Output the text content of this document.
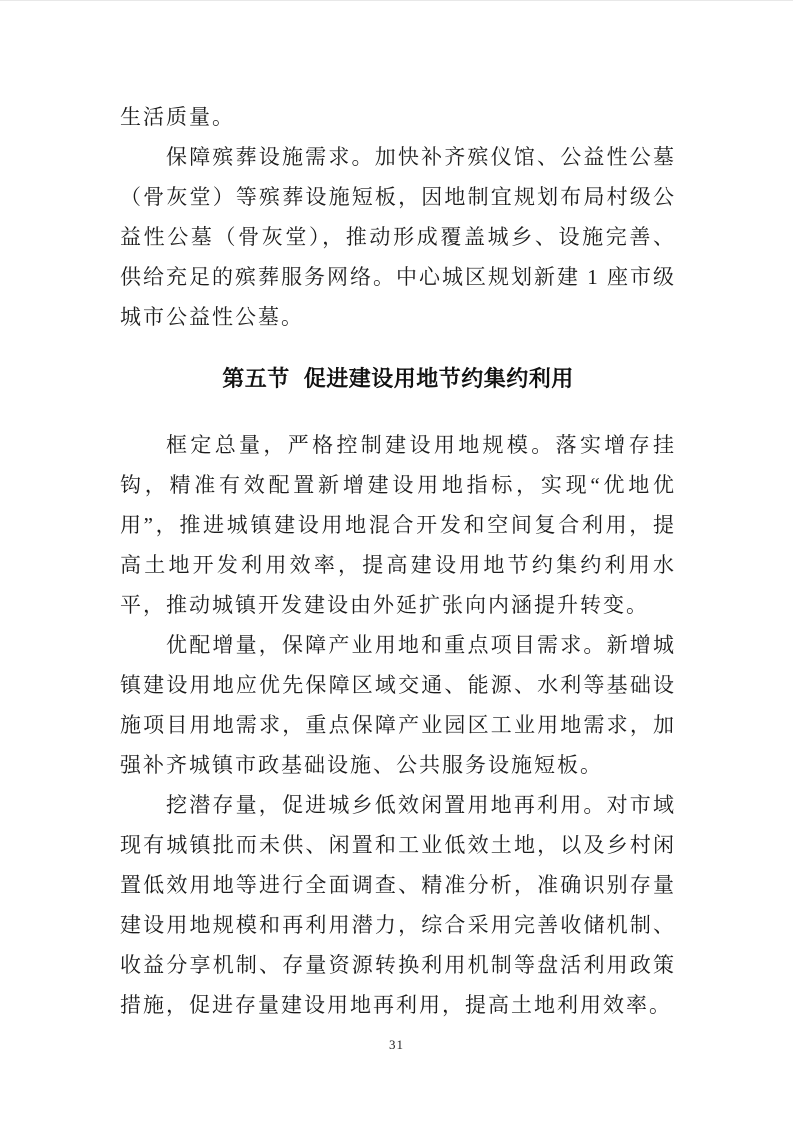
生活质量。

保障殡葬设施需求。加快补齐殡仪馆、公益性公墓（骨灰堂）等殡葬设施短板，因地制宜规划布局村级公益性公墓（骨灰堂），推动形成覆盖城乡、设施完善、供给充足的殡葬服务网络。中心城区规划新建 1 座市级城市公益性公墓。

第五节 促进建设用地节约集约利用

框定总量，严格控制建设用地规模。落实增存挂钩，精准有效配置新增建设用地指标，实现“优地优用”，推进城镇建设用地混合开发和空间复合利用，提高土地开发利用效率，提高建设用地节约集约利用水平，推动城镇开发建设由外延扩张向内涵提升转变。

优配增量，保障产业用地和重点项目需求。新增城镇建设用地应优先保障区域交通、能源、水利等基础设施项目用地需求，重点保障产业园区工业用地需求，加强补齐城镇市政基础设施、公共服务设施短板。

挖潜存量，促进城乡低效闲置用地再利用。对市域现有城镇批而未供、闲置和工业低效土地，以及乡村闲置低效用地等进行全面调查、精准分析，准确识别存量建设用地规模和再利用潜力，综合采用完善收储机制、收益分享机制、存量资源转换利用机制等盘活利用政策措施，促进存量建设用地再利用，提高土地利用效率。

31
